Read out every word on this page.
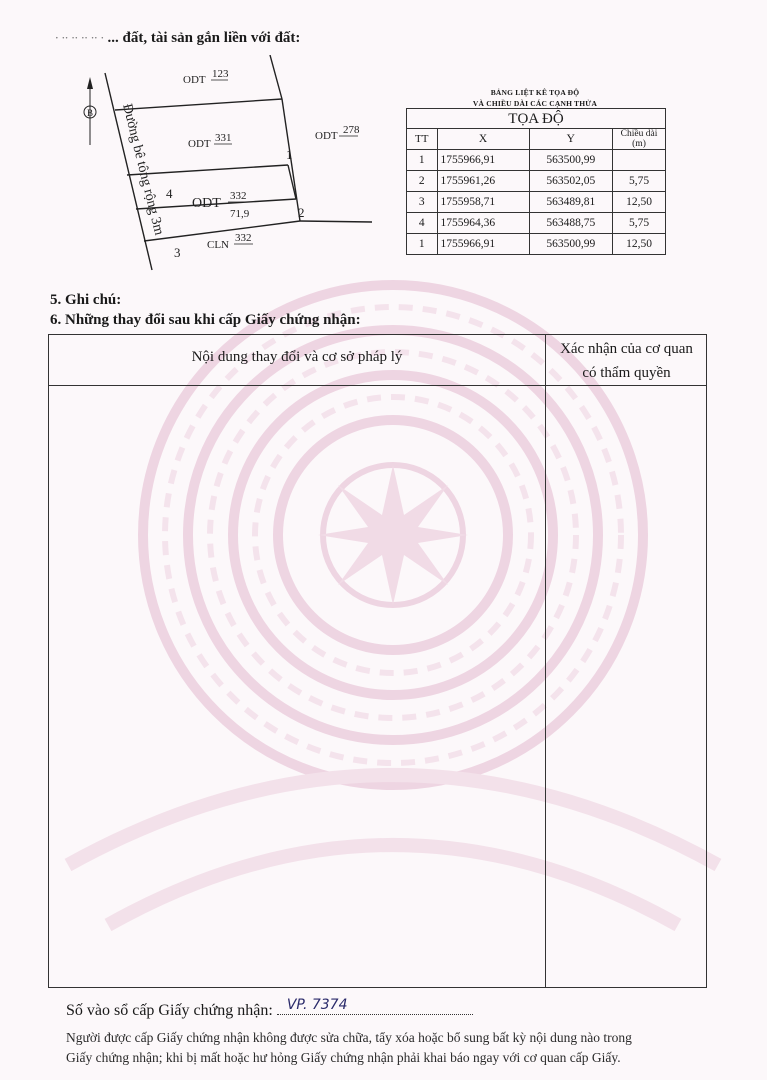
∙ ·· ·· ·· ·· · ... đất, tài sản gắn liền với đất:
B
ODT 123
ODT 331	ODT 278
ODT 332
71,9
CLN
332
1
2
3
4
Đường bê tông rộng 3m
BẢNG LIỆT KÊ TỌA ĐỘ
VÀ CHIỀU DÀI CÁC CẠNH THỬA
TỌA ĐỘ
TT	X	Y	Chiều dài (m)
1	1755966,91	563500,99	
2	1755961,26	563502,05	5,75
3	1755958,71	563489,81	12,50
4	1755964,36	563488,75	5,75
1	1755966,91	563500,99	12,50
5. Ghi chú:
6. Những thay đổi sau khi cấp Giấy chứng nhận:
Nội dung thay đổi và cơ sở pháp lý	Xác nhận của cơ quan
có thẩm quyền
Số vào sổ cấp Giấy chứng nhận: VP. 7374
Người được cấp Giấy chứng nhận không được sửa chữa, tẩy xóa hoặc bổ sung bất kỳ nội dung nào trong
Giấy chứng nhận; khi bị mất hoặc hư hỏng Giấy chứng nhận phải khai báo ngay với cơ quan cấp Giấy.
